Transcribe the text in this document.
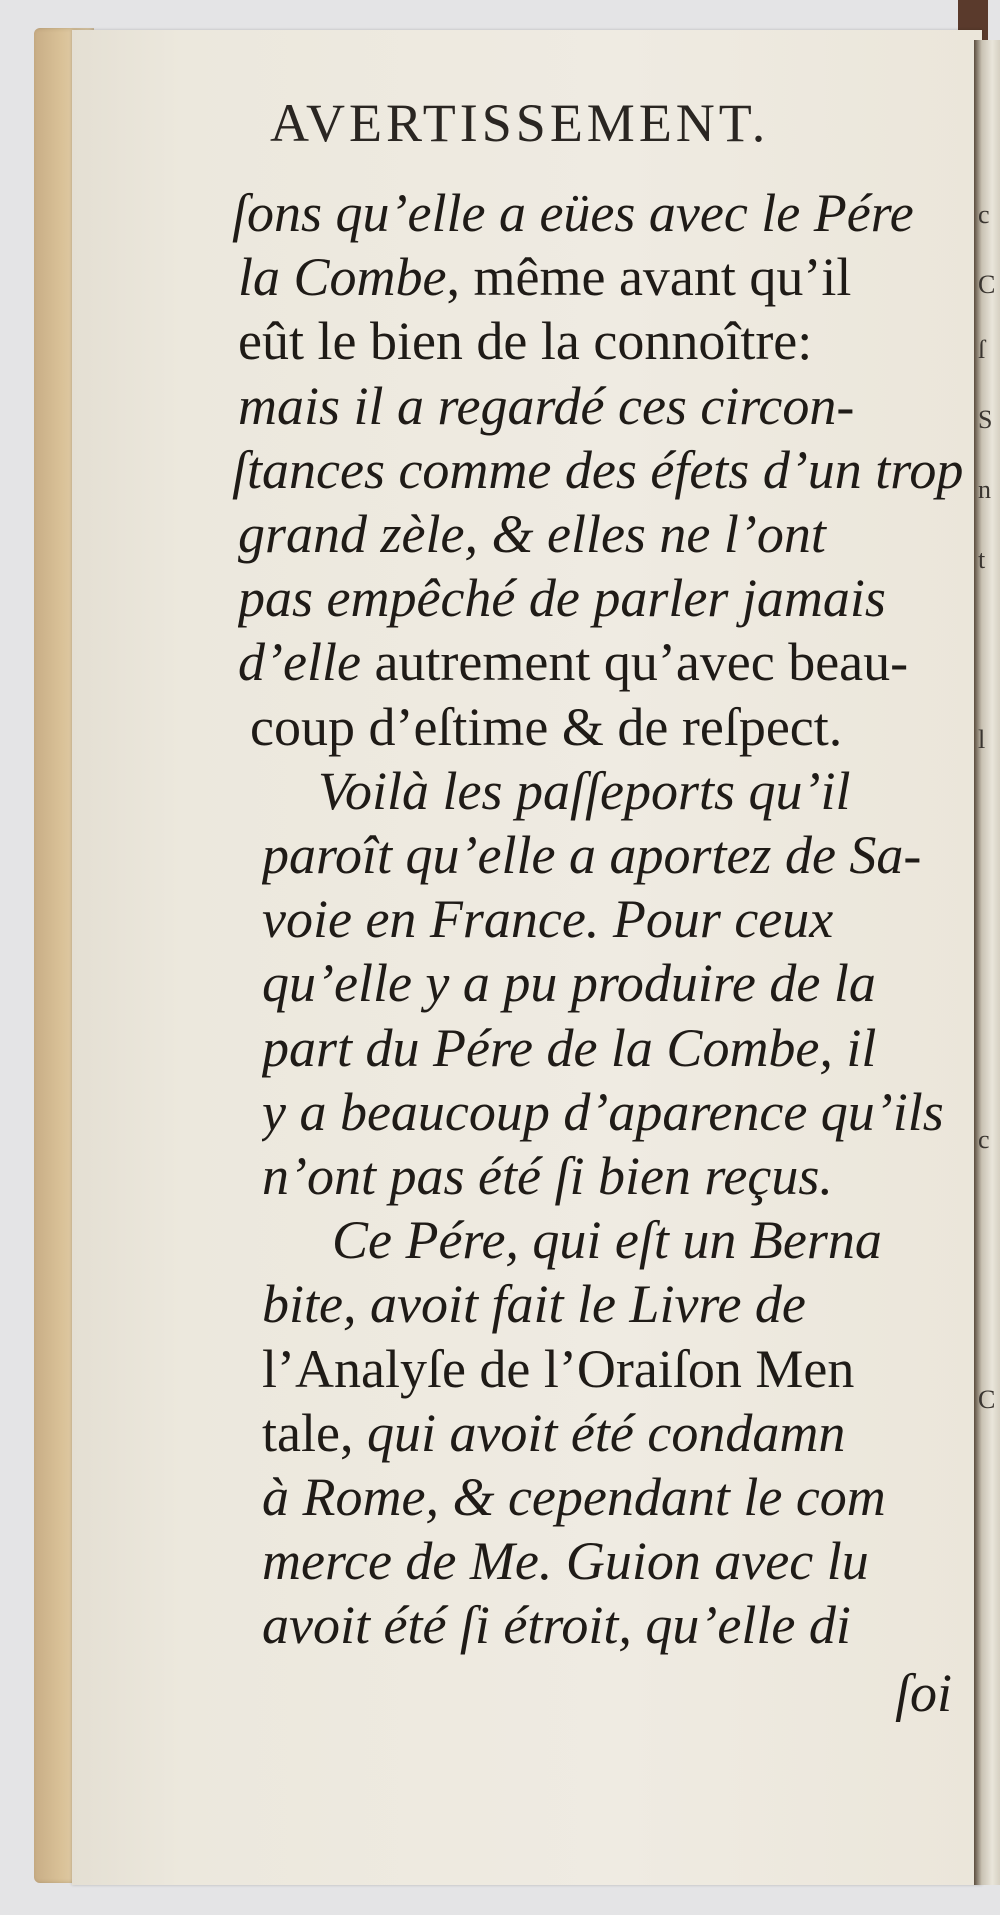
AVERTISSEMENT.
ſons qu’elle a eües avec le Pére
la Combe, même avant qu’il
eût le bien de la connoître:
mais il a regardé ces circon-
ſtances comme des éfets d’un trop
grand zèle, & elles ne l’ont
pas empêché de parler jamais
d’elle autrement qu’avec beau-
coup d’eſtime & de reſpect.
Voilà les paſſeports qu’il
paroît qu’elle a aportez de Sa-
voie en France. Pour ceux
qu’elle y a pu produire de la
part du Pére de la Combe, il
y a beaucoup d’aparence qu’ils
n’ont pas été ſi bien reçus.
Ce Pére, qui eſt un Berna
bite, avoit fait le Livre de
l’Analyſe de l’Oraiſon Men
tale, qui avoit été condamn
à Rome, & cependant le com
merce de Me. Guion avec lu
avoit été ſi étroit, qu’elle di
ſoi
c
C
ſ
S
n
t
l
c
C
